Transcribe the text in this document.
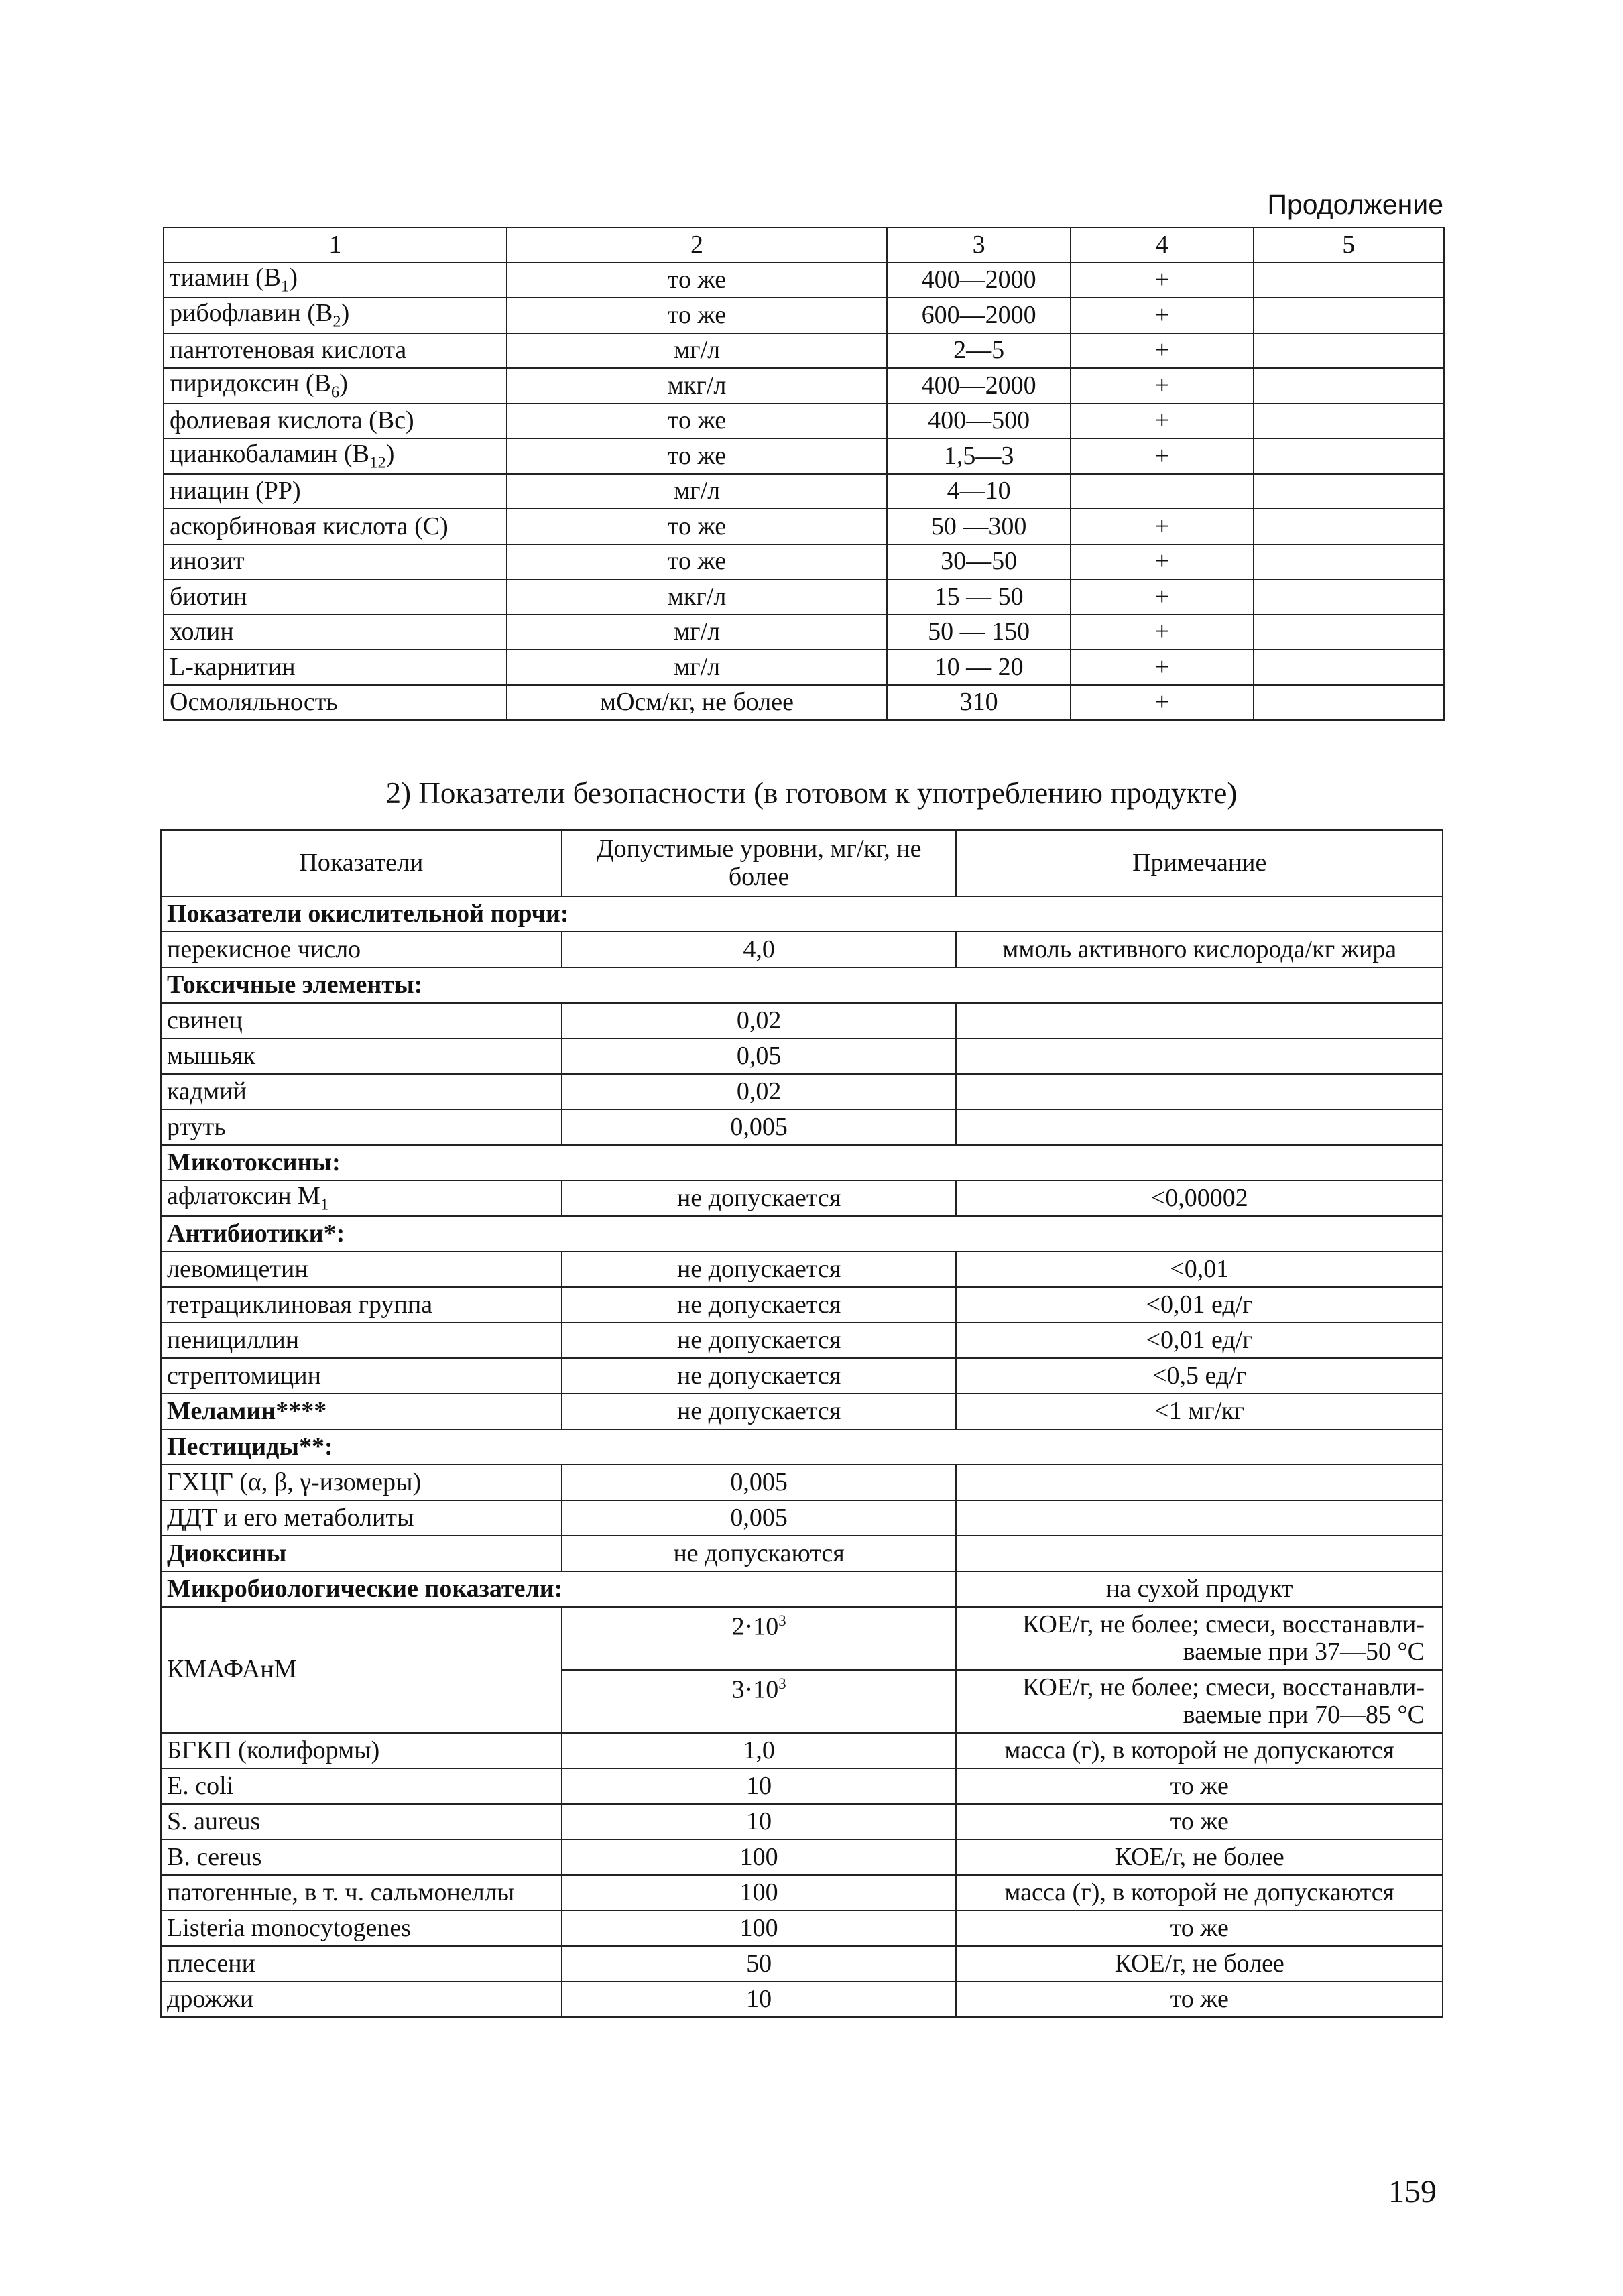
Продолжение
1	2	3	4	5
тиамин $(B_1)$	то же	400—2000	+	
рибофлавин $(B_2)$	то же	600—2000	+	
пантотеновая кислота	мг/л	2—5	+	
пиридоксин $(B_6)$	мкг/л	400—2000	+	
фолиевая кислота (Bc)	то же	400—500	+	
цианкобаламин $(B_{12})$	то же	1,5—3	+	
ниацин (PP)	мг/л	4—10		
аскорбиновая кислота (C)	то же	50 —300	+	
инозит	то же	30—50	+	
биотин	мкг/л	15 — 50	+	
холин	мг/л	50 — 150	+	
L-карнитин	мг/л	10 — 20	+	
Осмоляльность	мОсм/кг, не более	310	+	
2) Показатели безопасности (в готовом к употреблению продукте)
Показатели	Допустимые уровни, мг/кг, не более	Примечание
Показатели окислительной порчи:		
перекисное число	4,0	ммоль активного кислорода/кг жира
Токсичные элементы:		
свинец	0,02	
мышьяк	0,05	
кадмий	0,02	
ртуть	0,005	
Микотоксины:		
афлатоксин $M_1$	не допускается	<0,00002
Антибиотики*:		
левомицетин	не допускается	<0,01
тетрациклиновая группа	не допускается	<0,01 ед/г
пенициллин	не допускается	<0,01 ед/г
стрептомицин	не допускается	<0,5 ед/г
Меламин****	не допускается	<1 мг/кг
Пестициды**:		
ГХЦГ (α, β, γ-изомеры)	0,005	
ДДТ и его метаболиты	0,005	
Диоксины	не допускаются	
Микробиологические показатели:		на сухой продукт
КМАФАнМ	$2\cdot 10^3$	КОЕ/г, не более; смеси, восстанавли-ваемые при 37—50 °C
	$3\cdot 10^3$	КОЕ/г, не более; смеси, восстанавли-ваемые при 70—85 °C
БГКП (колиформы)	1,0	масса (г), в которой не допускаются
E. coli	10	то же
S. aureus	10	то же
B. cereus	100	КОЕ/г, не более
патогенные, в т. ч. сальмонеллы	100	масса (г), в которой не допускаются
Listeria monocytogenes	100	то же
плесени	50	КОЕ/г, не более
дрожжи	10	то же
159
